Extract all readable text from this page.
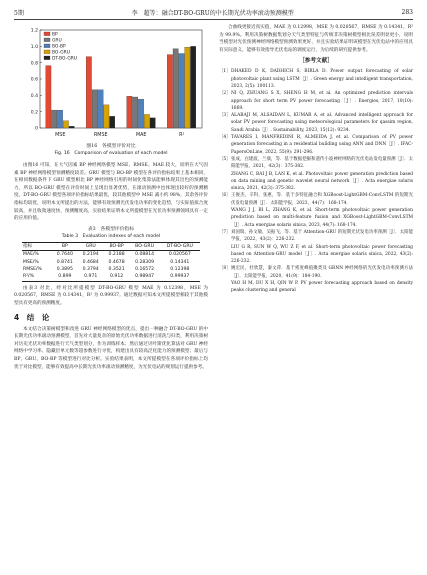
5期	李　超等：融合DT-BO-GRU的中长期光伏功率滚动预测模型	283
0
0.2
0.4
0.6
0.8
1.0
1.2
MSE	RMSE	MAE	R²
BP
GRU
BO-BP
BO-GRU
DT-BO-GRU

图16　各模型评价对比

Fig. 16　Comparison of evaluation of each model

由图16 可知，在大气因素 BP 神经网络模型 MSE、RMSE、MAE 较大，说明在大气因素 BP 神经网络模型预测精度较差。GRU 模型与 BO-BP 模型在各评价指标结果上基本相同，在相同数据条件下 GRU 模型相比 BP 神经网络引用的时间化集算法能够体现其出色的预测能力，所以 BO-GRU 模型在评价时间上呈现出显著优势，在滚动预测中也体现出较好的预测精度。DT-BO-GRU 模型各项评价指标结果最优，较其他模型中 MSE 减小约 98%，其余各评价指标均较优，说明本文所提出的方法，能够有效预测光伏发电功率的变化趋势，与实际值拟合度较高，并且收敛速度快，预测精度高，实验结果证明本文所提模型在光伏功率预测领域具有一定的应用价值。

表3　各模型评价指标

Table 3　Evaluation indexes of each model

指标	BP	GRU	BO-BP	BO-GRU	DT-BO-GRU
MAE/%	0.7640	0.2194	0.2188	0.08814	0.020567
MSE/%	0.8741	0.4684	0.4678	0.28309	0.14341
RMSE/%	0.3895	0.3794	0.3521	0.16572	0.12398
R²/%	0.899	0.971	0.912	0.98947	0.99937

由表3 对比，经对比所提模型 DT-BO-GRU 模型 MAE 为 0.12398，MSE 为 0.020567，RMSE 为 0.14341，R² 为 0.99937。通过数据可知本文所提模型相较于其他模型具有更高的预测精度。

4　结　论

本文结合决策树模型和改进 GRU 神经网络模型的优点，提出一种融合 DT-BO-GRU 的中长期光伏功率滚动预测模型，首先对大量复杂的原始光伏功率数据进行清洗与归类，利用决策树对历史光伏功率数据进行天气类型划分，作为训练样本；然后通过贝叶斯优化算法对 GRU 神经网络中学习率、隐藏层单元数等超参数进行寻优，构建出具有较高泛化能力的预测模型；最后与 BP、GRU、BO-BP 等模型进行对比分析。实验结果表明，本文所提模型在各项评价指标上均优于对比模型，能够有效提高中长期光伏功率滚动预测精度，为光伏电站的规划运行提供参考。

合曲线更接近真实值，MAE 为 0.12998，MSE 为 0.020567，RMSE 为 0.14341，R² 为 99.9%。利用决策树数据集划分天气类型特征与传统非决策树模型相比误差明显更小，说明当模型对光伏预测神经网络模型预测效果更好，并且实验结果证明该模型在光伏电站中的应用具有实际意义，能够有效指导光伏电站的调度运行，为后续的研究提供参考。

［参考文献］
［1］ DHAKED D K, DADHICH S, BIRLA D. Power output forecasting of solar photovoltaic plant using LSTM［J］. Green energy and intelligent transportation, 2023, 2(5): 100113.
［2］ NI Q, ZHUANG S X, SHENG H M, et al. An optimized prediction intervals approach for short term PV power forecasting［J］. Energies, 2017, 10(10): 1669.
［3］ ALABAJI M, ALSAIDAN L, KUMAR A, et al. Advanced intelligent approach for solar PV power forecasting using meteorological parameters for qassim region, Saudi Arabia［J］. Sustainability, 2023, 15(12): 9234.
［4］ TAVARES I, MANFREDINI R, ALMEIDA J, et al. Comparison of PV power generation forecasting in a residential building using ANN and DNN［J］. IFAC-PapersOnLine, 2022, 55(9): 291-296.
［5］ 张成，白建波，兰康，等．基于数据挖掘和遗传小波神经网络的光伏电站发电量预测［J］．太阳能学报，2021，42(3)：375-382．
ZHANG C, BAI J B, LAN K, et al. Photovoltaic power generation prediction based on data mining and genetic wavelet neural network［J］. Acta energiae solaris sinica, 2021, 42(3): 375-382.
［6］ 王俊杰，辛科，张惠，等．基于多特征融合和 XGBoost-LightGBM-ConvLSTM 的短期光伏发电量预测［J］．太阳能学报，2023，44(7)：168-174．
WANG J J, BI L, ZHANG K, et al. Short-term photovoltaic power generation prediction based on multi-feature fusion and XGBoost-LightGBM-ConvLSTM［J］. Acta energiae solaris sinica, 2023, 44(7): 168-174.
［7］ 刘国瑞，孙文敏，吴振飞，等．基于 Attention-GRU 的短期光伏发电功率预测［J］．太阳能学报，2022，43(2)：226-232．
LIU G R, SUN W Q, WU Z F, et al. Short-term photovoltaic power forecasting based on Attention-GRU model［J］. Acta energiae solaris sinica, 2022, 43(2): 226-232.
［8］ 姚宏民，杜欣慧，秦文萍．基于密度峰值聚类及 GRNN 神经网络的光伏发电功率预测方法［J］．太阳能学报，2020，41(9)：184-190．
YAO H M, DU X H, QIN W P. PV power forecasting approach based on density peaks clustering and general
